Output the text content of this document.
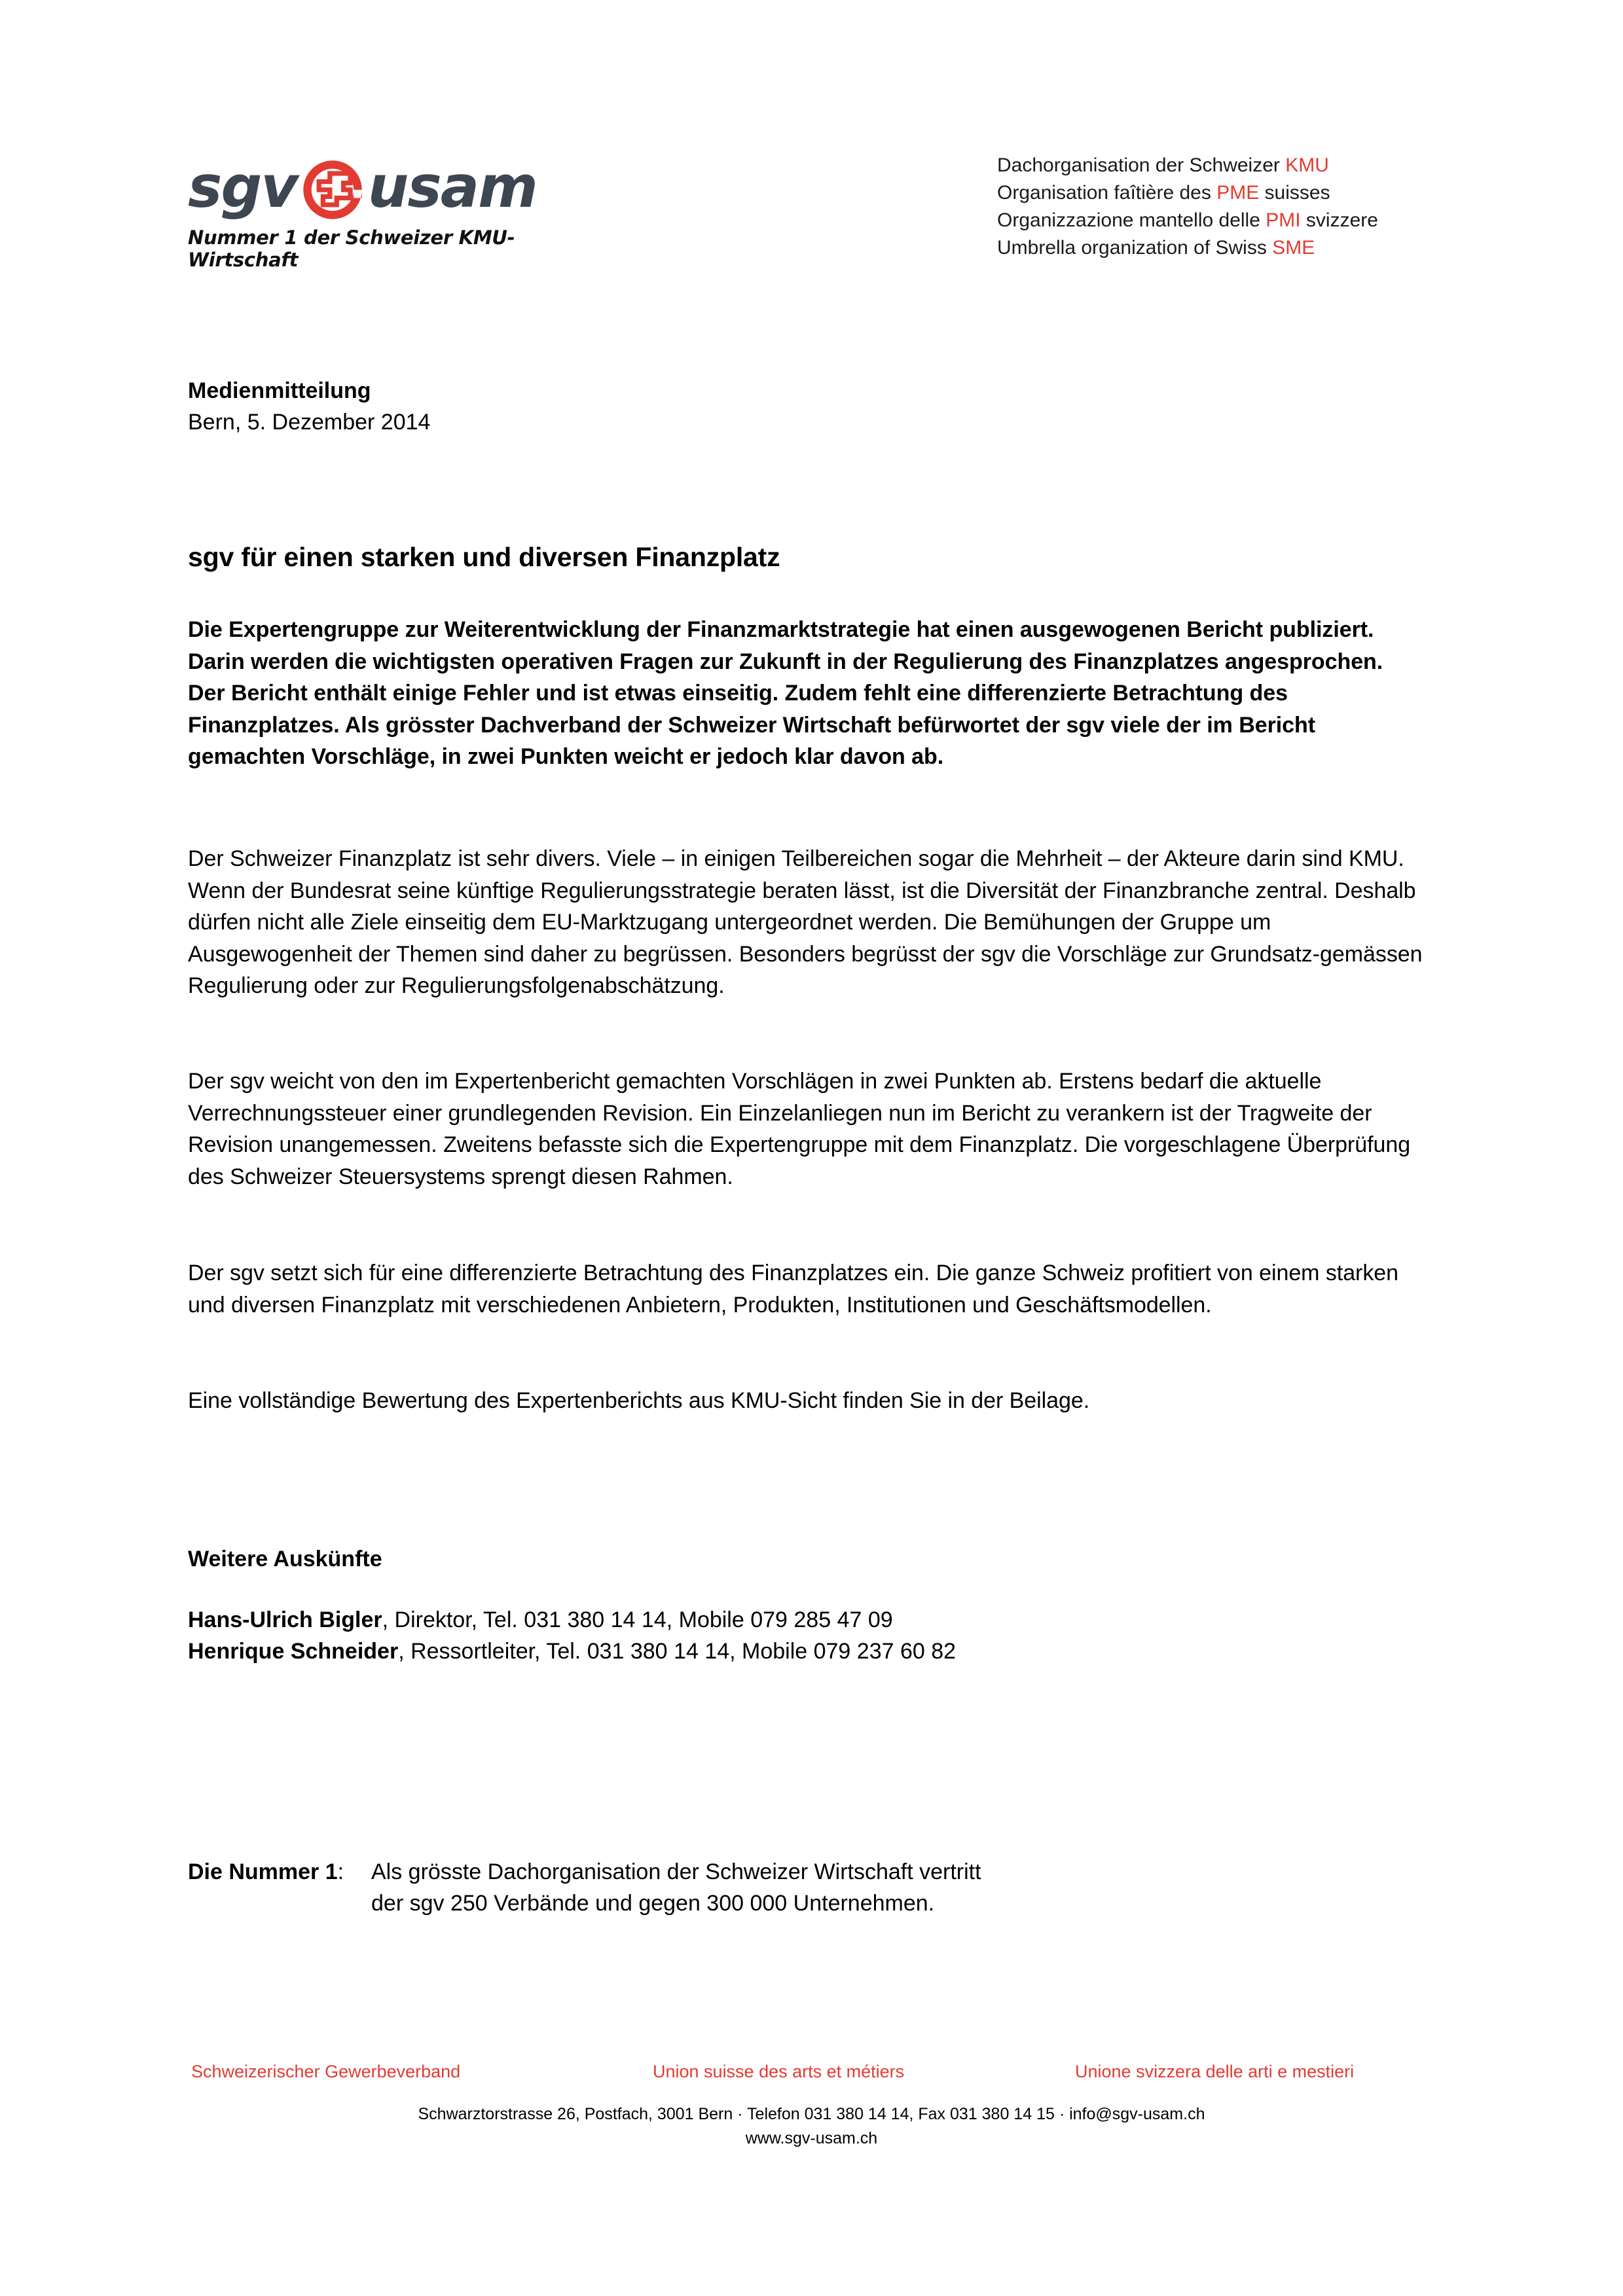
sgv usam
Nummer 1 der Schweizer KMU-Wirtschaft
Dachorganisation der Schweizer KMU
Organisation faîtière des PME suisses
Organizzazione mantello delle PMI svizzere
Umbrella organization of Swiss SME
Medienmitteilung
Bern, 5. Dezember 2014
sgv für einen starken und diversen Finanzplatz

Die Expertengruppe zur Weiterentwicklung der Finanzmarktstrategie hat einen ausgewogenen Bericht publiziert. Darin werden die wichtigsten operativen Fragen zur Zukunft in der Regulierung des Finanzplatzes angesprochen. Der Bericht enthält einige Fehler und ist etwas einseitig. Zudem fehlt eine differenzierte Betrachtung des Finanzplatzes. Als grösster Dachverband der Schweizer Wirtschaft befürwortet der sgv viele der im Bericht gemachten Vorschläge, in zwei Punkten weicht er jedoch klar davon ab.

Der Schweizer Finanzplatz ist sehr divers. Viele – in einigen Teilbereichen sogar die Mehrheit – der Akteure darin sind KMU. Wenn der Bundesrat seine künftige Regulierungsstrategie beraten lässt, ist die Diversität der Finanzbranche zentral. Deshalb dürfen nicht alle Ziele einseitig dem EU-Marktzugang untergeordnet werden. Die Bemühungen der Gruppe um Ausgewogenheit der Themen sind daher zu begrüssen. Besonders begrüsst der sgv die Vorschläge zur Grundsatz-gemässen Regulierung oder zur Regulierungsfolgenabschätzung.

Der sgv weicht von den im Expertenbericht gemachten Vorschlägen in zwei Punkten ab. Erstens bedarf die aktuelle Verrechnungssteuer einer grundlegenden Revision. Ein Einzelanliegen nun im Bericht zu verankern ist der Tragweite der Revision unangemessen. Zweitens befasste sich die Expertengruppe mit dem Finanzplatz. Die vorgeschlagene Überprüfung des Schweizer Steuersystems sprengt diesen Rahmen.

Der sgv setzt sich für eine differenzierte Betrachtung des Finanzplatzes ein. Die ganze Schweiz profitiert von einem starken und diversen Finanzplatz mit verschiedenen Anbietern, Produkten, Institutionen und Geschäftsmodellen.

Eine vollständige Bewertung des Expertenberichts aus KMU-Sicht finden Sie in der Beilage.

Weitere Auskünfte
Hans-Ulrich Bigler, Direktor, Tel. 031 380 14 14, Mobile 079 285 47 09
Henrique Schneider, Ressortleiter, Tel. 031 380 14 14, Mobile 079 237 60 82
Die Nummer 1:	Als grösste Dachorganisation der Schweizer Wirtschaft vertritt
der sgv 250 Verbände und gegen 300 000 Unternehmen.
Schweizerischer Gewerbeverband	Union suisse des arts et métiers	Unione svizzera delle arti e mestieri
Schwarztorstrasse 26, Postfach, 3001 Bern · Telefon 031 380 14 14, Fax 031 380 14 15 · info@sgv-usam.ch
www.sgv-usam.ch
